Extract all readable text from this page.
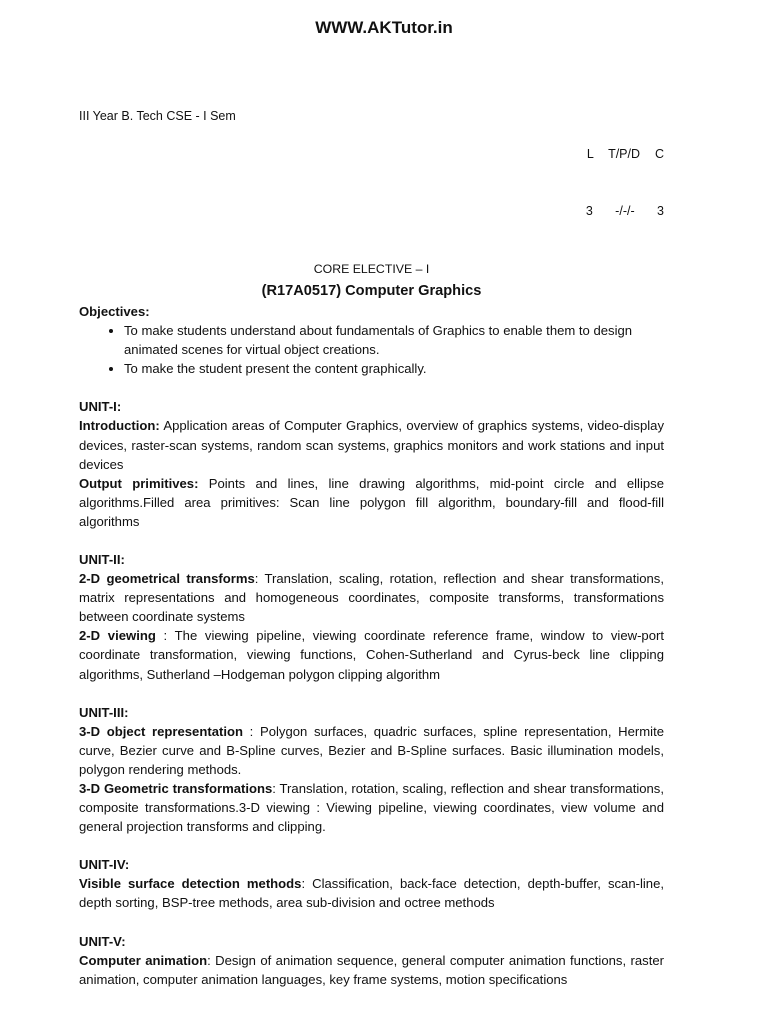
WWW.AKTutor.in
III Year B. Tech CSE - I Sem

L  T/P/D  C

3   -/-/-   3

CORE ELECTIVE – I
(R17A0517) Computer Graphics
Objectives:
• To make students understand about fundamentals of Graphics to enable them to design animated scenes for virtual object creations.
• To make the student present the content graphically.
UNIT-I:
Introduction: Application areas of Computer Graphics, overview of graphics systems, video-display devices, raster-scan systems, random scan systems, graphics monitors and work stations and input devices
Output primitives: Points and lines, line drawing algorithms, mid-point circle and ellipse algorithms.Filled area primitives: Scan line polygon fill algorithm, boundary-fill and flood-fill algorithms
UNIT-II:
2-D geometrical transforms: Translation, scaling, rotation, reflection and shear transformations, matrix representations and homogeneous coordinates, composite transforms, transformations between coordinate systems
2-D viewing : The viewing pipeline, viewing coordinate reference frame, window to view-port coordinate transformation, viewing functions, Cohen-Sutherland and Cyrus-beck line clipping algorithms, Sutherland –Hodgeman polygon clipping algorithm
UNIT-III:
3-D object representation : Polygon surfaces, quadric surfaces, spline representation, Hermite curve, Bezier curve and B-Spline curves, Bezier and B-Spline surfaces. Basic illumination models, polygon rendering methods.
3-D Geometric transformations: Translation, rotation, scaling, reflection and shear transformations, composite transformations.3-D viewing : Viewing pipeline, viewing coordinates, view volume and general projection transforms and clipping.
UNIT-IV:
Visible surface detection methods: Classification, back-face detection, depth-buffer, scan-line, depth sorting, BSP-tree methods, area sub-division and octree methods
UNIT-V:
Computer animation: Design of animation sequence, general computer animation functions, raster animation, computer animation languages, key frame systems, motion specifications
